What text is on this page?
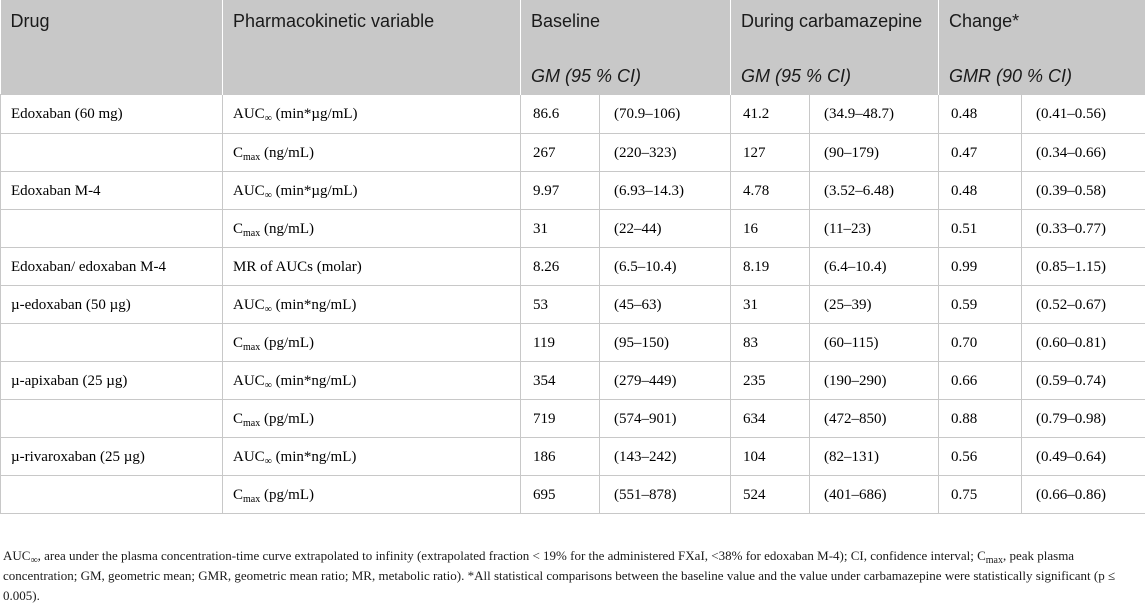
Drug	Pharmacokinetic variable	Baseline		During carbamazepine		Change*	
		GM (95 % CI)		GM (95 % CI)		GMR (90 % CI)	
Edoxaban (60 mg)	$AUC_\infty$ (min*µg/mL)	86.6	(70.9–106)	41.2	(34.9–48.7)	0.48	(0.41–0.56)
	$C_{max}$ (ng/mL)	267	(220–323)	127	(90–179)	0.47	(0.34–0.66)
Edoxaban M-4	$AUC_\infty$ (min*µg/mL)	9.97	(6.93–14.3)	4.78	(3.52–6.48)	0.48	(0.39–0.58)
	$C_{max}$ (ng/mL)	31	(22–44)	16	(11–23)	0.51	(0.33–0.77)
Edoxaban/ edoxaban M-4	MR of AUCs (molar)	8.26	(6.5–10.4)	8.19	(6.4–10.4)	0.99	(0.85–1.15)
µ-edoxaban (50 µg)	$AUC_\infty$ (min*ng/mL)	53	(45–63)	31	(25–39)	0.59	(0.52–0.67)
	$C_{max}$ (pg/mL)	119	(95–150)	83	(60–115)	0.70	(0.60–0.81)
µ-apixaban (25 µg)	$AUC_\infty$ (min*ng/mL)	354	(279–449)	235	(190–290)	0.66	(0.59–0.74)
	$C_{max}$ (pg/mL)	719	(574–901)	634	(472–850)	0.88	(0.79–0.98)
µ-rivaroxaban (25 µg)	$AUC_\infty$ (min*ng/mL)	186	(143–242)	104	(82–131)	0.56	(0.49–0.64)
	$C_{max}$ (pg/mL)	695	(551–878)	524	(401–686)	0.75	(0.66–0.86)

$AUC_\infty$, area under the plasma concentration-time curve extrapolated to infinity (extrapolated fraction < 19% for the administered FXaI, <38% for edoxaban M-4); CI, confidence interval; $C_{max}$, peak plasma concentration; GM, geometric mean; GMR, geometric mean ratio; MR, metabolic ratio). *All statistical comparisons between the baseline value and the value under carbamazepine were statistically significant (p ≤ 0.005).
